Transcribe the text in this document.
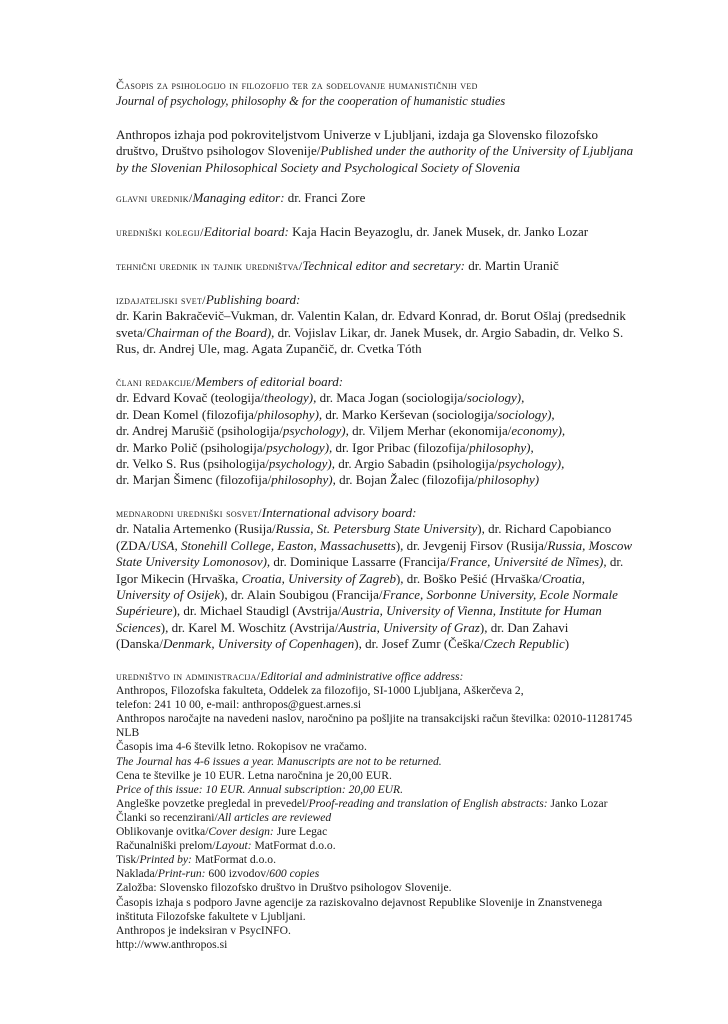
Časopis za psihologijo in filozofijo ter za sodelovanje humanističnih ved
Journal of psychology, philosophy & for the cooperation of humanistic studies

Anthropos izhaja pod pokroviteljstvom Univerze v Ljubljani, izdaja ga Slovensko filozofsko društvo, Društvo psihologov Slovenije/Published under the authority of the University of Ljubljana by the Slovenian Philosophical Society and Psychological Society of Slovenia

glavni urednik/Managing editor: dr. Franci Zore

uredniški kolegij/Editorial board: Kaja Hacin Beyazoglu, dr. Janek Musek, dr. Janko Lozar

tehnični urednik in tajnik uredništva/Technical editor and secretary: dr. Martin Uranič

izdajateljski svet/Publishing board:
dr. Karin Bakračevič–Vukman, dr. Valentin Kalan, dr. Edvard Konrad, dr. Borut Ošlaj (predsednik sveta/Chairman of the Board), dr. Vojislav Likar, dr. Janek Musek, dr. Argio Sabadin, dr. Velko S. Rus, dr. Andrej Ule, mag. Agata Zupančič, dr. Cvetka Tóth
člani redakcije/Members of editorial board:
dr. Edvard Kovač (teologija/theology), dr. Maca Jogan (sociologija/sociology),
dr. Dean Komel (filozofija/philosophy), dr. Marko Kerševan (sociologija/sociology),
dr. Andrej Marušič (psihologija/psychology), dr. Viljem Merhar (ekonomija/economy),
dr. Marko Polič (psihologija/psychology), dr. Igor Pribac (filozofija/philosophy),
dr. Velko S. Rus (psihologija/psychology), dr. Argio Sabadin (psihologija/psychology),
dr. Marjan Šimenc (filozofija/philosophy), dr. Bojan Žalec (filozofija/philosophy)
mednarodni uredniški sosvet/International advisory board:
dr. Natalia Artemenko (Rusija/Russia, St. Petersburg State University), dr. Richard Capobianco (ZDA/USA, Stonehill College, Easton, Massachusetts), dr. Jevgenij Firsov (Rusija/Russia, Moscow State University Lomonosov), dr. Dominique Lassarre (Francija/France, Université de Nîmes), dr. Igor Mikecin (Hrvaška, Croatia, University of Zagreb), dr. Boško Pešić (Hrvaška/Croatia, University of Osijek), dr. Alain Soubigou (Francija/France, Sorbonne University, Ecole Normale Supérieure), dr. Michael Staudigl (Avstrija/Austria, University of Vienna, Institute for Human Sciences), dr. Karel M. Woschitz (Avstrija/Austria, University of Graz), dr. Dan Zahavi (Danska/Denmark, University of Copenhagen), dr. Josef Zumr (Češka/Czech Republic)
uredništvo in administracija/Editorial and administrative office address:
Anthropos, Filozofska fakulteta, Oddelek za filozofijo, SI-1000 Ljubljana, Aškerčeva 2,
telefon: 241 10 00, e-mail: anthropos@guest.arnes.si
Anthropos naročajte na navedeni naslov, naročnino pa pošljite na transakcijski račun številka: 02010-11281745 NLB
Časopis ima 4-6 številk letno. Rokopisov ne vračamo.
The Journal has 4-6 issues a year. Manuscripts are not to be returned.
Cena te številke je 10 EUR. Letna naročnina je 20,00 EUR.
Price of this issue: 10 EUR. Annual subscription: 20,00 EUR.
Angleške povzetke pregledal in prevedel/Proof-reading and translation of English abstracts: Janko Lozar
Članki so recenzirani/All articles are reviewed
Oblikovanje ovitka/Cover design: Jure Legac
Računalniški prelom/Layout: MatFormat d.o.o.
Tisk/Printed by: MatFormat d.o.o.
Naklada/Print-run: 600 izvodov/600 copies
Založba: Slovensko filozofsko društvo in Društvo psihologov Slovenije.
Časopis izhaja s podporo Javne agencije za raziskovalno dejavnost Republike Slovenije in Znanstvenega inštituta Filozofske fakultete v Ljubljani.
Anthropos je indeksiran v PsycINFO.
http://www.anthropos.si
